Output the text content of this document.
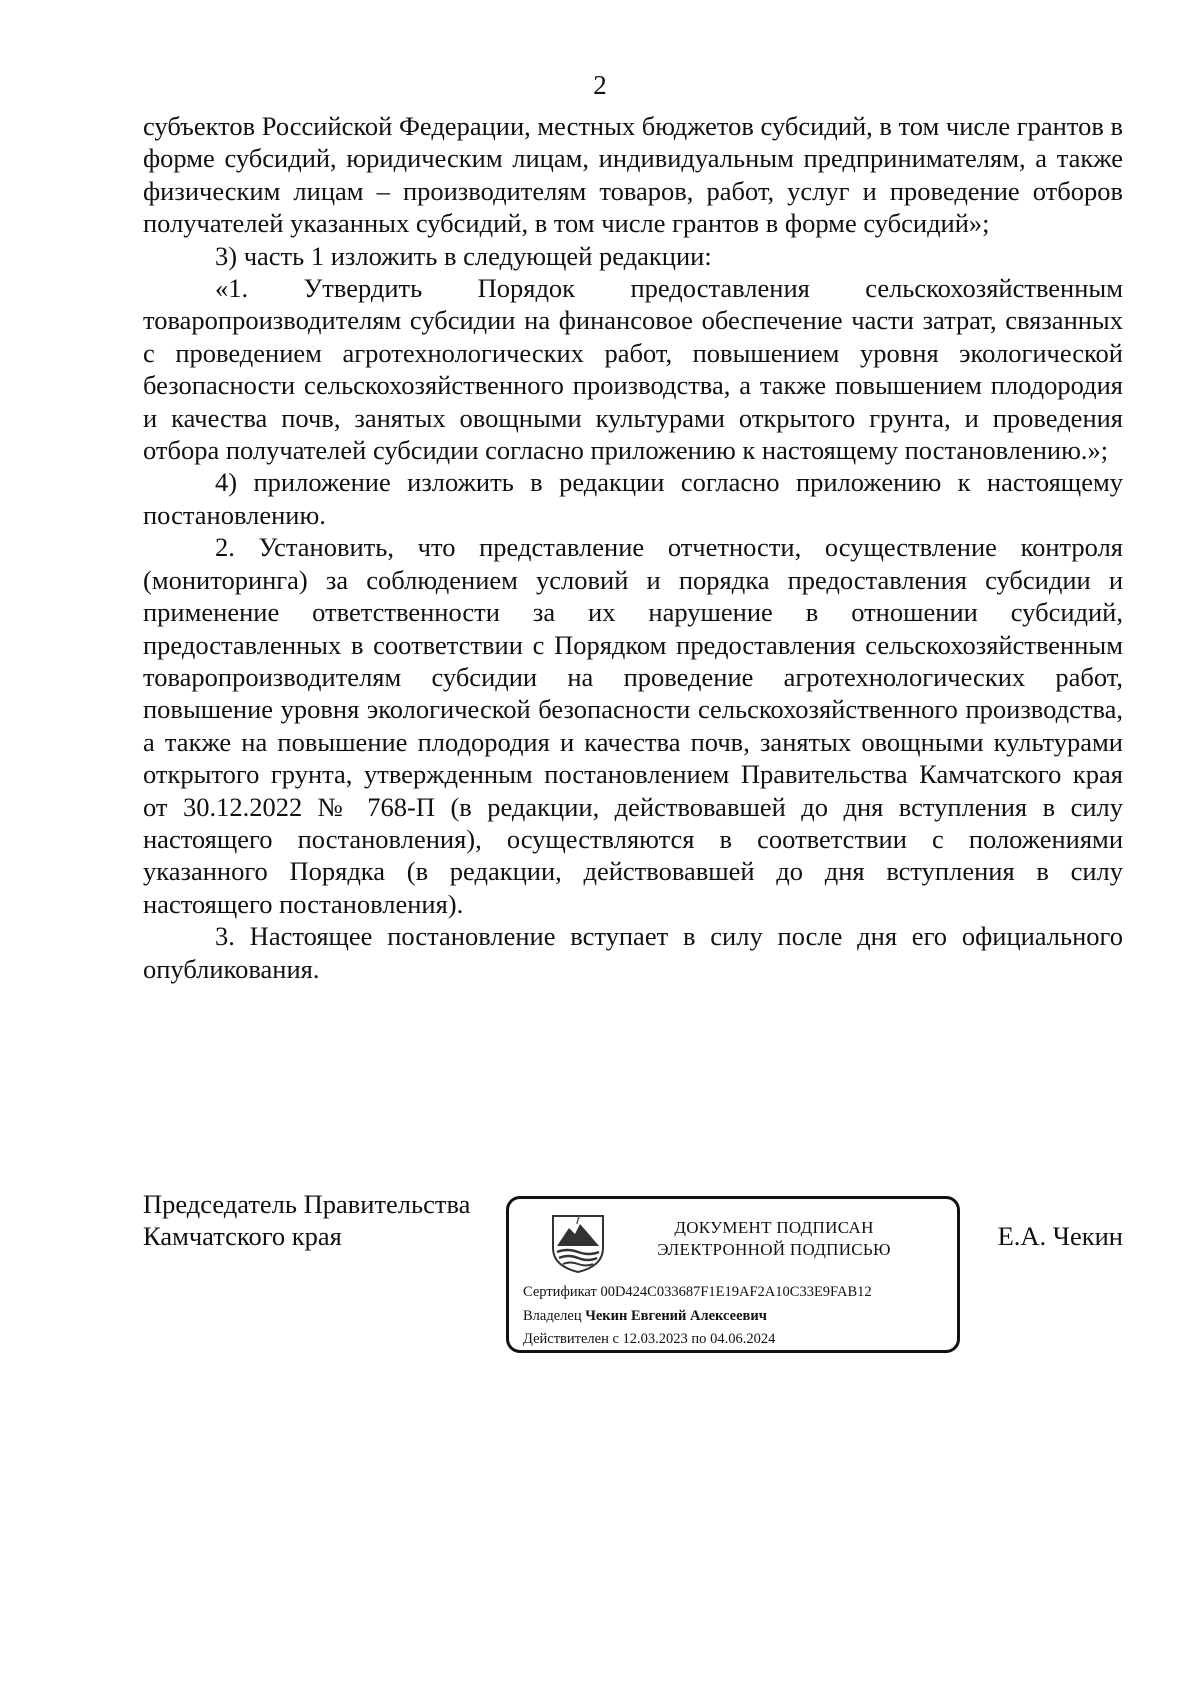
2

субъектов Российской Федерации, местных бюджетов субсидий, в том числе грантов в форме субсидий, юридическим лицам, индивидуальным предпринимателям, а также физическим лицам – производителям товаров, работ, услуг и проведение отборов получателей указанных субсидий, в том числе грантов в форме субсидий»;

3) часть 1 изложить в следующей редакции:

«1. Утвердить Порядок предоставления сельскохозяйственным товаропроизводителям субсидии на финансовое обеспечение части затрат, связанных с проведением агротехнологических работ, повышением уровня экологической безопасности сельскохозяйственного производства, а также повышением плодородия и качества почв, занятых овощными культурами открытого грунта, и проведения отбора получателей субсидии согласно приложению к настоящему постановлению.»;

4) приложение изложить в редакции согласно приложению к настоящему постановлению.

2. Установить, что представление отчетности, осуществление контроля (мониторинга) за соблюдением условий и порядка предоставления субсидии и применение ответственности за их нарушение в отношении субсидий, предоставленных в соответствии с Порядком предоставления сельскохозяйственным товаропроизводителям субсидии на проведение агротехнологических работ, повышение уровня экологической безопасности сельскохозяйственного производства, а также на повышение плодородия и качества почв, занятых овощными культурами открытого грунта, утвержденным постановлением Правительства Камчатского края от 30.12.2022 № 768-П (в редакции, действовавшей до дня вступления в силу настоящего постановления), осуществляются в соответствии с положениями указанного Порядка (в редакции, действовавшей до дня вступления в силу настоящего постановления).

3. Настоящее постановление вступает в силу после дня его официального опубликования.

Председатель Правительства
Камчатского края	ДОКУМЕНТ ПОДПИСАН
ЭЛЕКТРОННОЙ ПОДПИСЬЮ
Сертификат 00D424C033687F1E19AF2A10C33E9FAB12
Владелец Чекин Евгений Алексеевич
Действителен с 12.03.2023 по 04.06.2024
Е.А. Чекин
